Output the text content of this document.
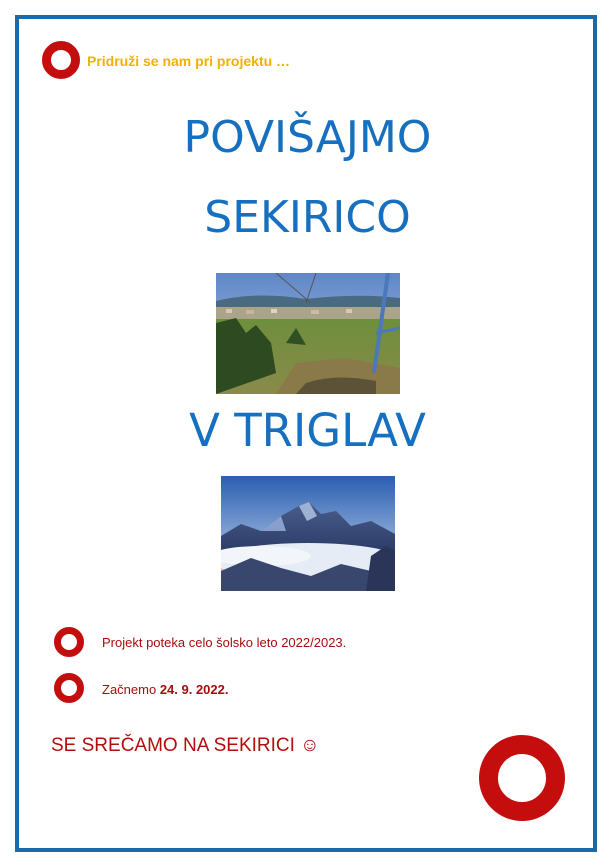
Pridruži se nam pri projektu …
POVIŠAJMO
SEKIRICO
V TRIGLAV
Projekt poteka celo šolsko leto 2022/2023.
Začnemo 24. 9. 2022.
SE SREČAMO NA SEKIRICI ☺
